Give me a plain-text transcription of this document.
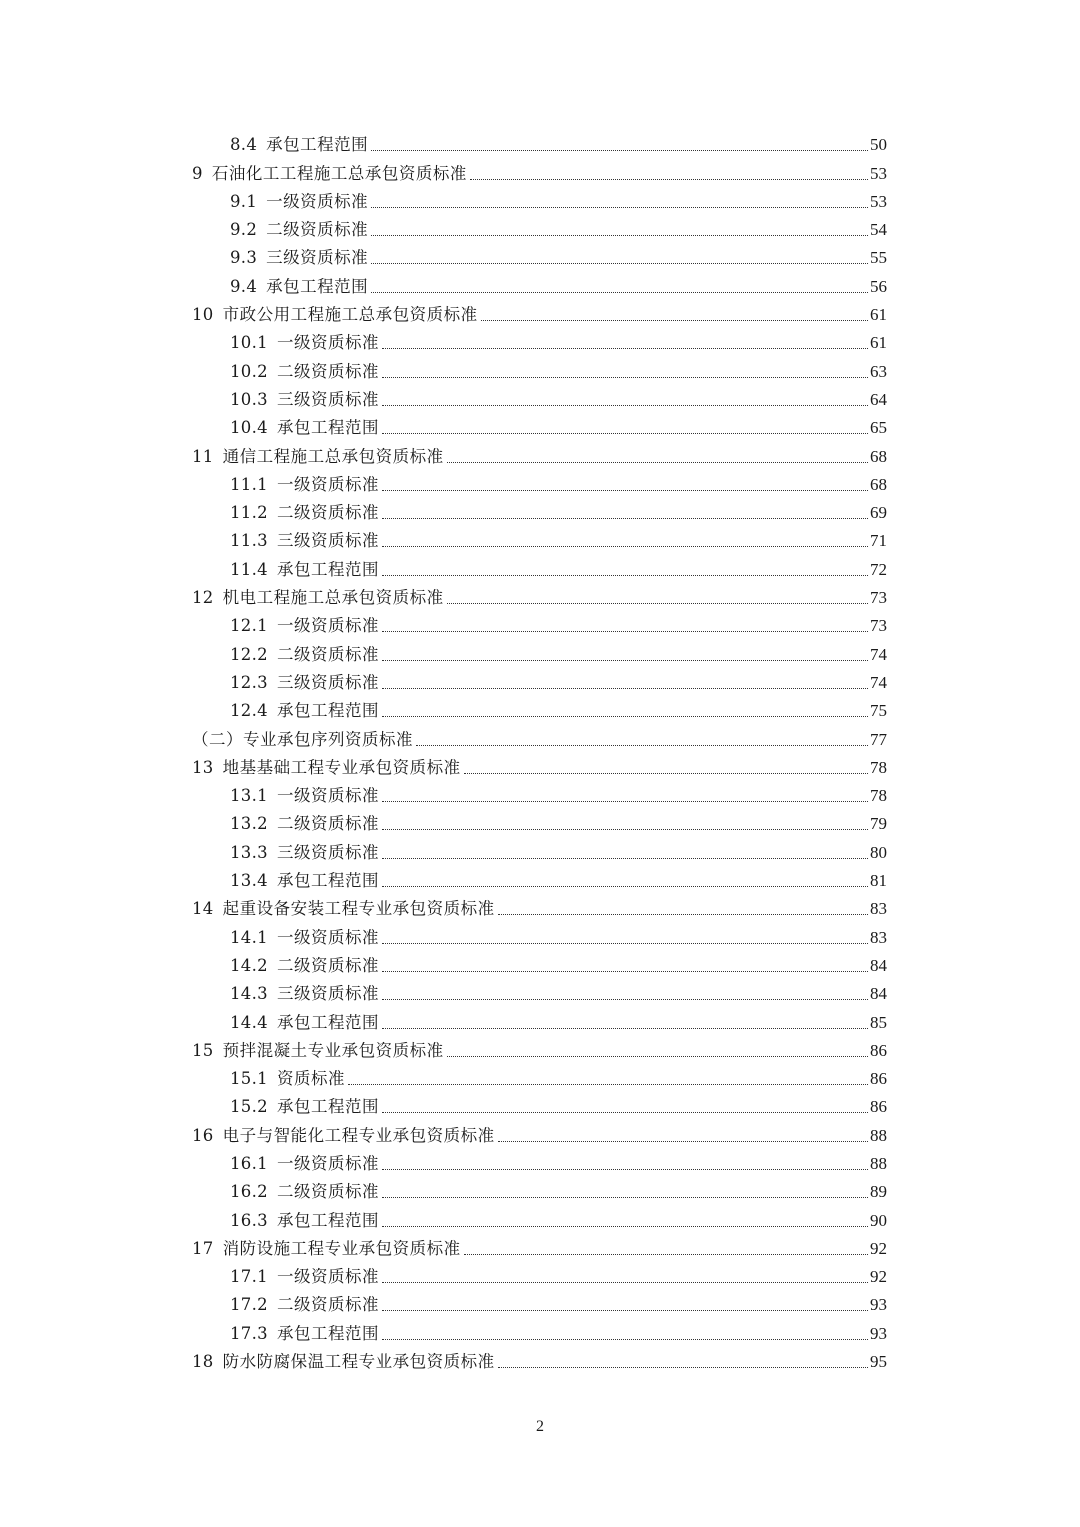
8.4 承包工程范围	50
9 石油化工工程施工总承包资质标准	53
9.1 一级资质标准	53
9.2 二级资质标准	54
9.3 三级资质标准	55
9.4 承包工程范围	56
10 市政公用工程施工总承包资质标准	61
10.1 一级资质标准	61
10.2 二级资质标准	63
10.3 三级资质标准	64
10.4 承包工程范围	65
11 通信工程施工总承包资质标准	68
11.1 一级资质标准	68
11.2 二级资质标准	69
11.3 三级资质标准	71
11.4 承包工程范围	72
12 机电工程施工总承包资质标准	73
12.1 一级资质标准	73
12.2 二级资质标准	74
12.3 三级资质标准	74
12.4 承包工程范围	75
（二）专业承包序列资质标准	77
13 地基基础工程专业承包资质标准	78
13.1 一级资质标准	78
13.2 二级资质标准	79
13.3 三级资质标准	80
13.4 承包工程范围	81
14 起重设备安装工程专业承包资质标准	83
14.1 一级资质标准	83
14.2 二级资质标准	84
14.3 三级资质标准	84
14.4 承包工程范围	85
15 预拌混凝土专业承包资质标准	86
15.1 资质标准	86
15.2 承包工程范围	86
16 电子与智能化工程专业承包资质标准	88
16.1 一级资质标准	88
16.2 二级资质标准	89
16.3 承包工程范围	90
17 消防设施工程专业承包资质标准	92
17.1 一级资质标准	92
17.2 二级资质标准	93
17.3 承包工程范围	93
18 防水防腐保温工程专业承包资质标准	95
2
